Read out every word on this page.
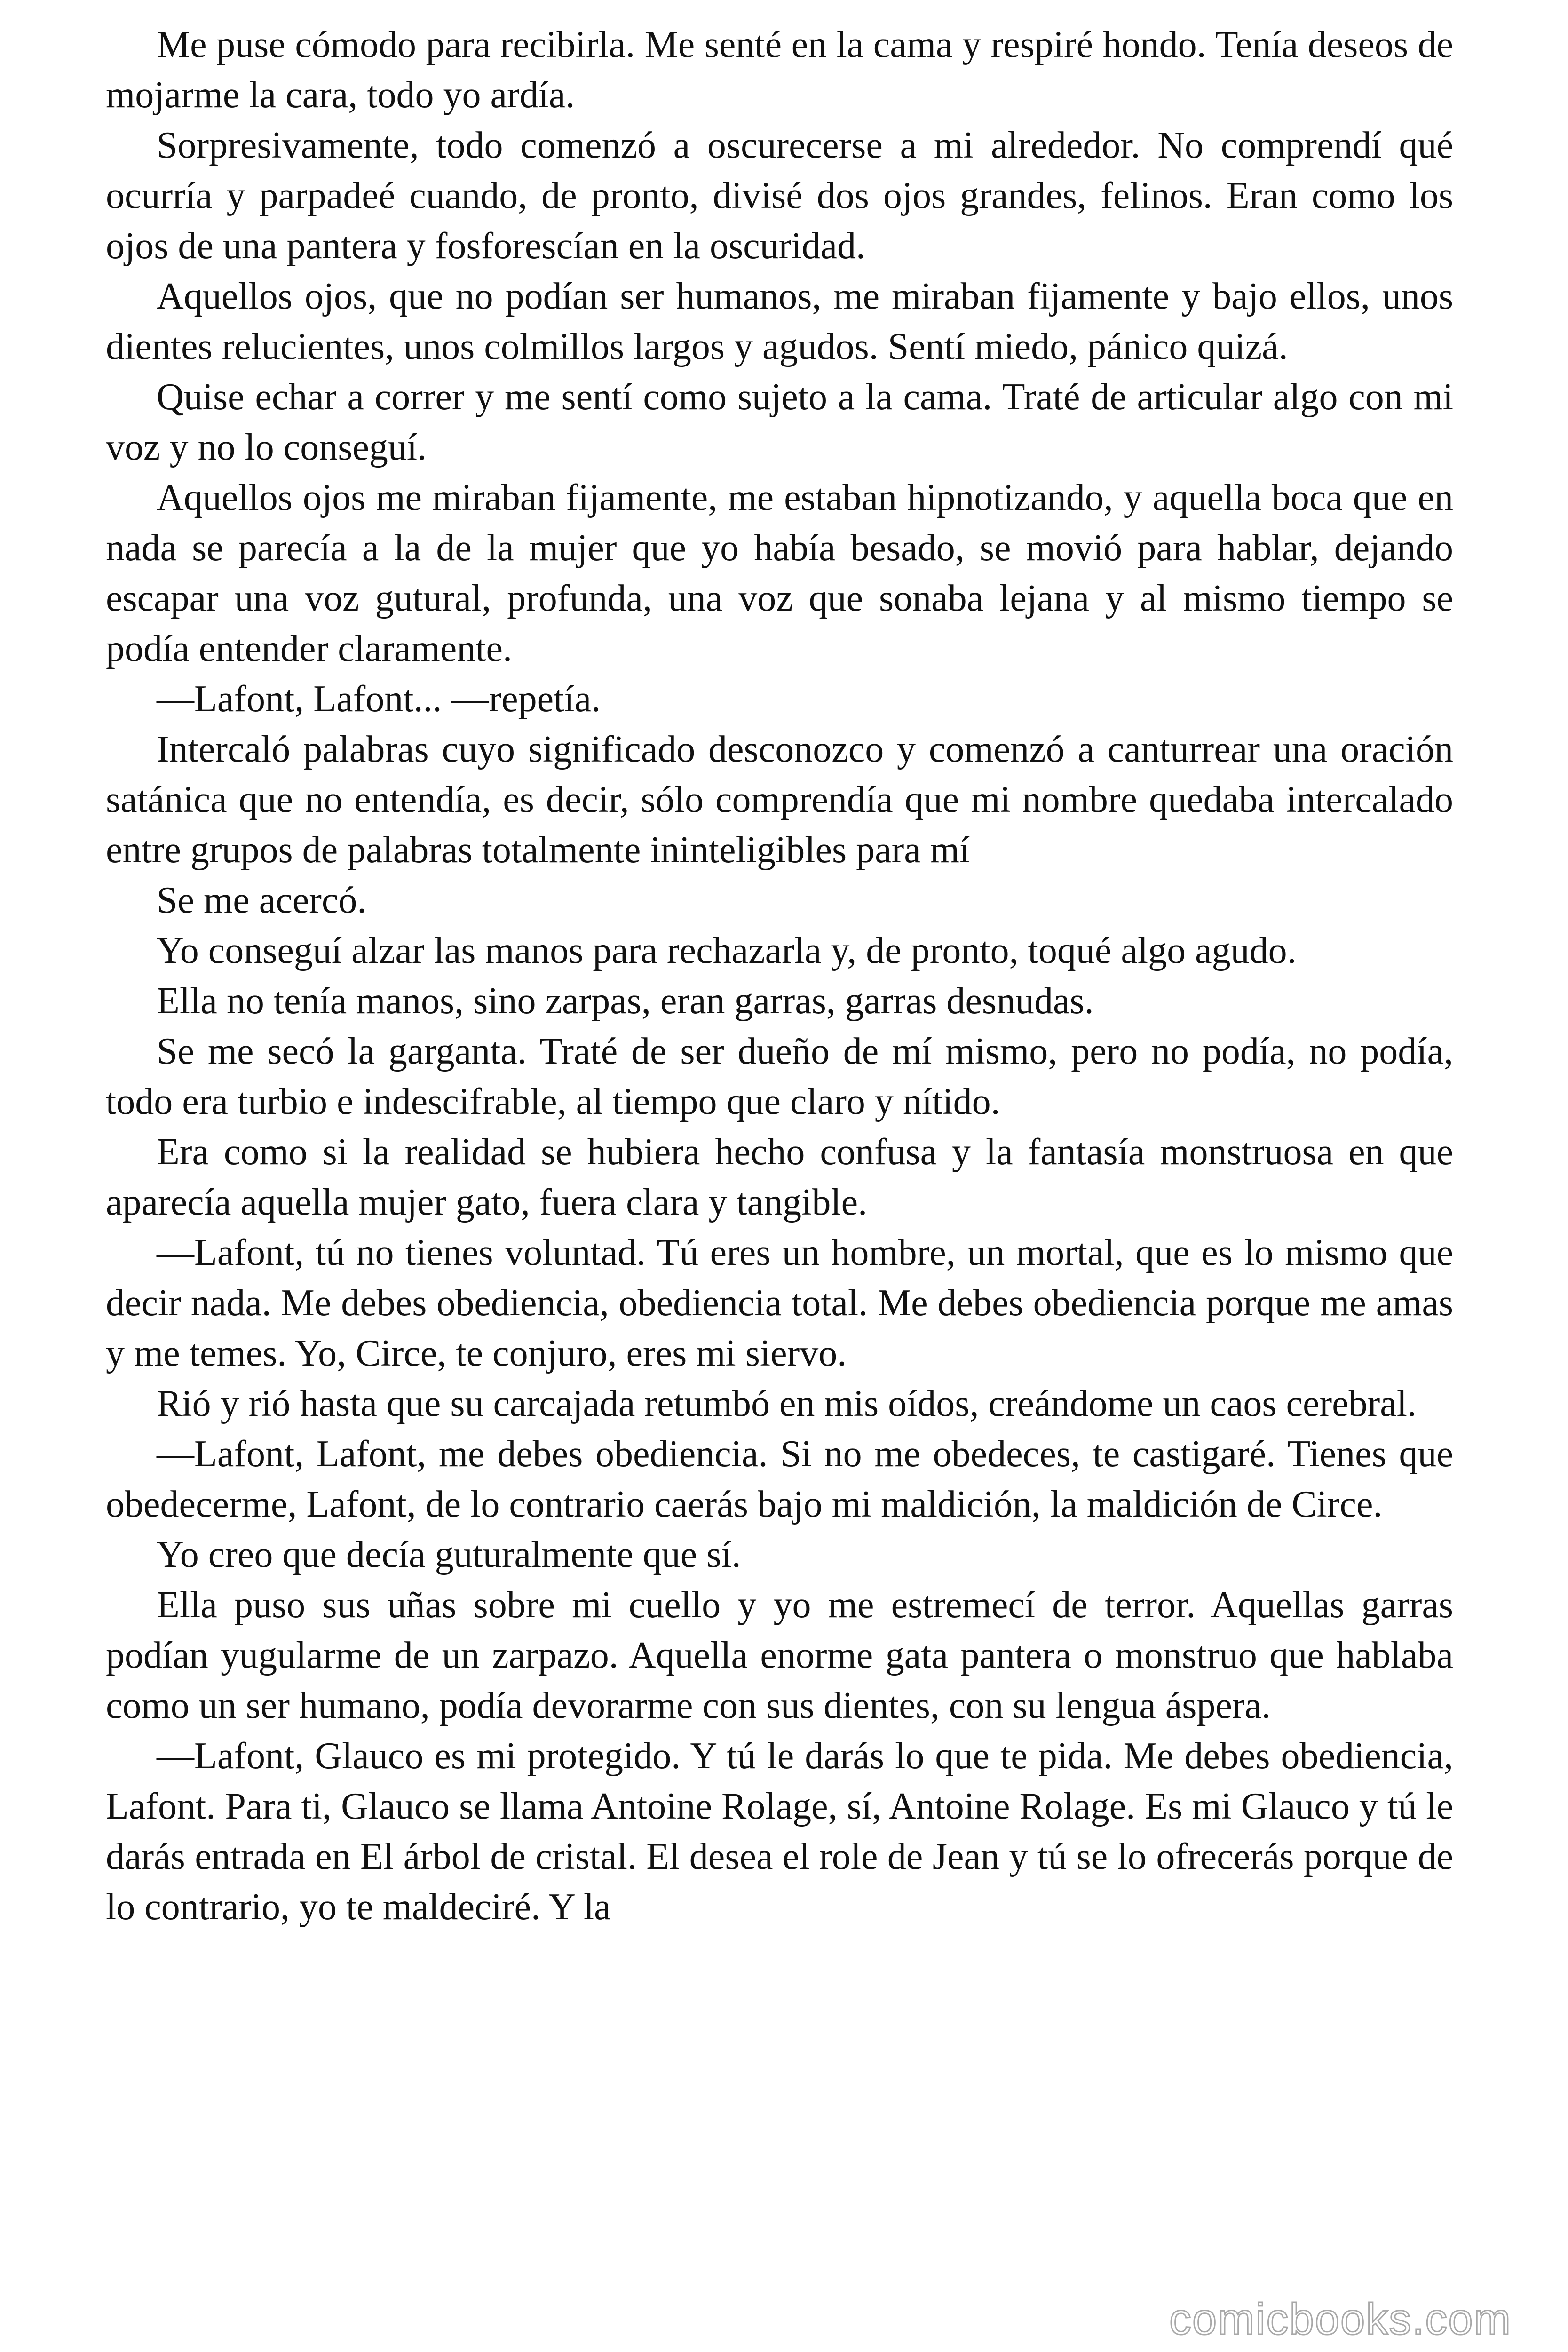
Me puse cómodo para recibirla. Me senté en la cama y respiré hondo. Tenía deseos de mojarme la cara, todo yo ardía.

Sorpresivamente, todo comenzó a oscurecerse a mi alrededor. No comprendí qué ocurría y parpadeé cuando, de pronto, divisé dos ojos grandes, felinos. Eran como los ojos de una pantera y fosforescían en la oscuridad.

Aquellos ojos, que no podían ser humanos, me miraban fijamente y bajo ellos, unos dientes relucientes, unos colmillos largos y agudos. Sentí miedo, pánico quizá.

Quise echar a correr y me sentí como sujeto a la cama. Traté de articular algo con mi voz y no lo conseguí.

Aquellos ojos me miraban fijamente, me estaban hipnotizando, y aquella boca que en nada se parecía a la de la mujer que yo había besado, se movió para hablar, dejando escapar una voz gutural, profunda, una voz que sonaba lejana y al mismo tiempo se podía entender claramente.

—Lafont, Lafont... —repetía.

Intercaló palabras cuyo significado desconozco y comenzó a canturrear una oración satánica que no entendía, es decir, sólo comprendía que mi nombre quedaba intercalado entre grupos de palabras totalmente ininteligibles para mí

Se me acercó.

Yo conseguí alzar las manos para rechazarla y, de pronto, toqué algo agudo.

Ella no tenía manos, sino zarpas, eran garras, garras desnudas.

Se me secó la garganta. Traté de ser dueño de mí mismo, pero no podía, no podía, todo era turbio e indescifrable, al tiempo que claro y nítido.

Era como si la realidad se hubiera hecho confusa y la fantasía monstruosa en que aparecía aquella mujer gato, fuera clara y tangible.

—Lafont, tú no tienes voluntad. Tú eres un hombre, un mortal, que es lo mismo que decir nada. Me debes obediencia, obediencia total. Me debes obediencia porque me amas y me temes. Yo, Circe, te conjuro, eres mi siervo.

Rió y rió hasta que su carcajada retumbó en mis oídos, creándome un caos cerebral.

—Lafont, Lafont, me debes obediencia. Si no me obedeces, te castigaré. Tienes que obedecerme, Lafont, de lo contrario caerás bajo mi maldición, la maldición de Circe.

Yo creo que decía guturalmente que sí.

Ella puso sus uñas sobre mi cuello y yo me estremecí de terror. Aquellas garras podían yugularme de un zarpazo. Aquella enorme gata pantera o monstruo que hablaba como un ser humano, podía devorarme con sus dientes, con su lengua áspera.

—Lafont, Glauco es mi protegido. Y tú le darás lo que te pida. Me debes obediencia, Lafont. Para ti, Glauco se llama Antoine Rolage, sí, Antoine Rolage. Es mi Glauco y tú le darás entrada en El árbol de cristal. El desea el role de Jean y tú se lo ofrecerás porque de lo contrario, yo te maldeciré. Y la

comicbooks.com
